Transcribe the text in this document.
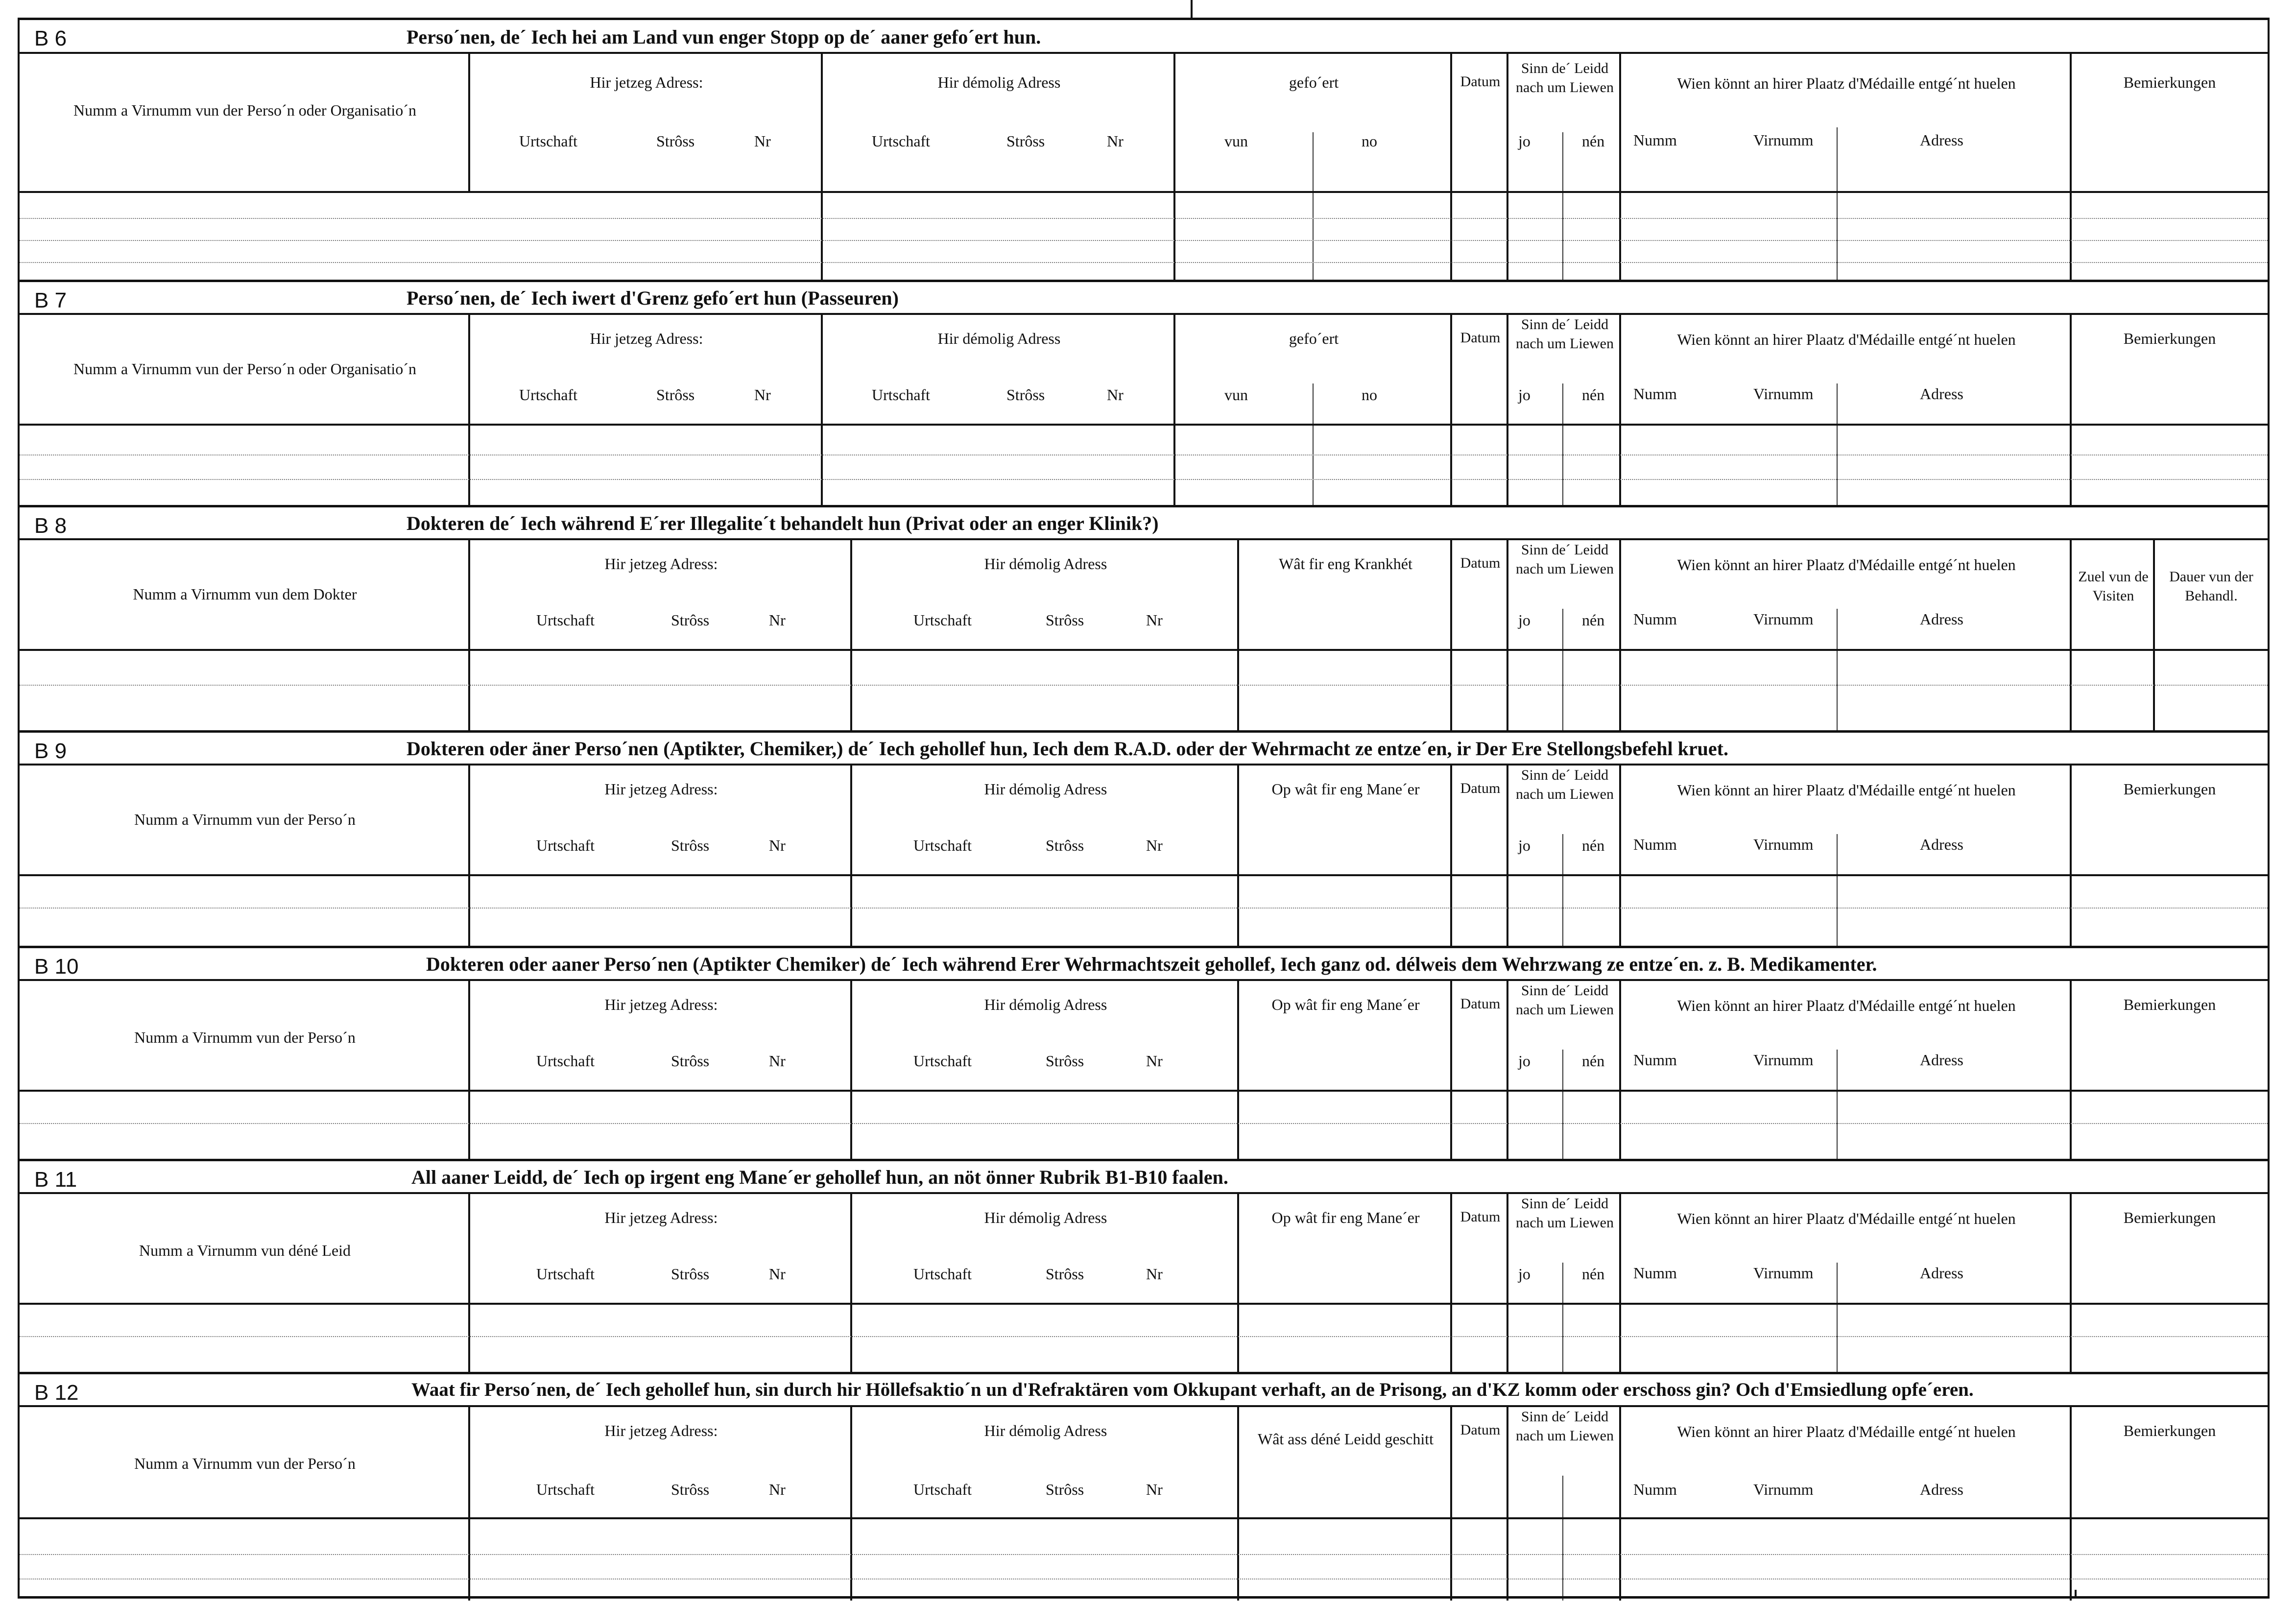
B 6	Perso´nen, de´ Iech hei am Land vun enger Stopp op de´ aaner gefo´ert hun.
Numm a Virnumm vun der Perso´n oder Organisatio´n
Hir jetzeg Adress:
Urtschaft	Strôss	Nr
Hir démolig Adress
Urtschaft	Strôss	Nr
gefo´ert
vun	no
Datum
Sinn de´ Leidd nach um Liewen
jo	nén
Wien könnt an hirer Plaatz d'Médaille entgé´nt huelen
Numm	Virnumm	Adress
Bemierkungen
B 7	Perso´nen, de´ Iech iwert d'Grenz gefo´ert hun (Passeuren)
Numm a Virnumm vun der Perso´n oder Organisatio´n
Hir jetzeg Adress:
Urtschaft	Strôss	Nr
Hir démolig Adress
Urtschaft	Strôss	Nr
gefo´ert
vun	no
Datum
Sinn de´ Leidd nach um Liewen
jo	nén
Wien könnt an hirer Plaatz d'Médaille entgé´nt huelen
Numm	Virnumm	Adress
Bemierkungen
B 8	Dokteren de´ Iech während E´rer Illegalite´t behandelt hun (Privat oder an enger Klinik?)
Numm a Virnumm vun dem Dokter
Hir jetzeg Adress:
Urtschaft	Strôss	Nr
Hir démolig Adress
Urtschaft	Strôss	Nr
Wât fir eng Krankhét	Datum
Sinn de´ Leidd nach um Liewen
jo	nén
Wien könnt an hirer Plaatz d'Médaille entgé´nt huelen
Numm	Virnumm	Adress
Zuel vun de Visiten
Dauer vun der Behandl.
B 9	Dokteren oder äner Perso´nen (Aptikter, Chemiker,) de´ Iech gehollef hun, Iech dem R.A.D. oder der Wehrmacht ze entze´en, ir Der Ere Stellongsbefehl kruet.
Numm a Virnumm vun der Perso´n
Hir jetzeg Adress:
Urtschaft	Strôss	Nr
Hir démolig Adress
Urtschaft	Strôss	Nr
Op wât fir eng Mane´er	Datum
Sinn de´ Leidd nach um Liewen
jo	nén
Wien könnt an hirer Plaatz d'Médaille entgé´nt huelen
Numm	Virnumm	Adress
Bemierkungen
B 10	Dokteren oder aaner Perso´nen (Aptikter Chemiker) de´ Iech während Erer Wehrmachtszeit gehollef, Iech ganz od. délweis dem Wehrzwang ze entze´en. z. B. Medikamenter.
Numm a Virnumm vun der Perso´n
Hir jetzeg Adress:
Urtschaft	Strôss	Nr
Hir démolig Adress
Urtschaft	Strôss	Nr
Op wât fir eng Mane´er	Datum
Sinn de´ Leidd nach um Liewen
jo	nén
Wien könnt an hirer Plaatz d'Médaille entgé´nt huelen
Numm	Virnumm	Adress
Bemierkungen
B 11	All aaner Leidd, de´ Iech op irgent eng Mane´er gehollef hun, an nöt önner Rubrik B1-B10 faalen.
Numm a Virnumm vun déné Leid
Hir jetzeg Adress:
Urtschaft	Strôss	Nr
Hir démolig Adress
Urtschaft	Strôss	Nr
Op wât fir eng Mane´er	Datum
Sinn de´ Leidd nach um Liewen
jo	nén
Wien könnt an hirer Plaatz d'Médaille entgé´nt huelen
Numm	Virnumm	Adress
Bemierkungen
B 12	Waat fir Perso´nen, de´ Iech gehollef hun, sin durch hir Höllefsaktio´n un d'Refraktären vom Okkupant verhaft, an de Prisong, an d'KZ komm oder erschoss gin? Och d'Emsiedlung opfe´eren.
Numm a Virnumm vun der Perso´n
Hir jetzeg Adress:
Urtschaft	Strôss	Nr
Hir démolig Adress
Urtschaft	Strôss	Nr
Wât ass déné Leidd geschitt
Datum
Sinn de´ Leidd nach um Liewen	Wien könnt an hirer Plaatz d'Médaille entgé´nt huelen
Numm	Virnumm	Adress
Bemierkungen
